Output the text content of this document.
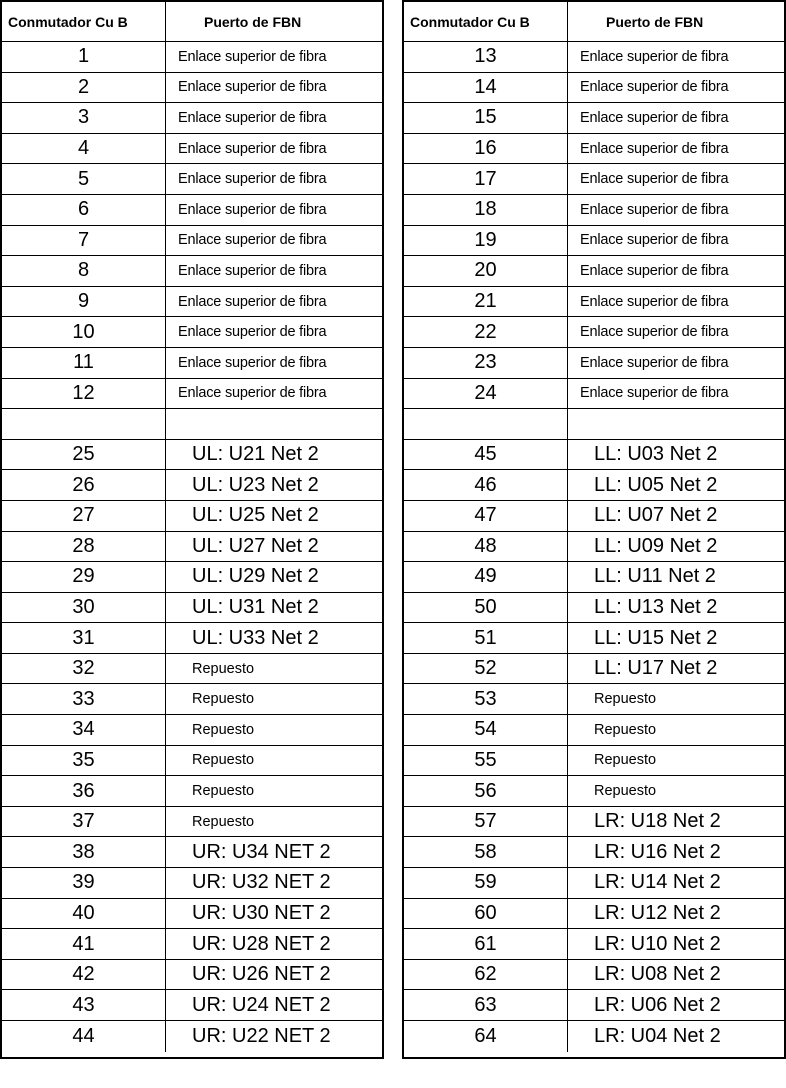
Conmutador Cu B	Puerto de FBN
1	Enlace superior de fibra
2	Enlace superior de fibra
3	Enlace superior de fibra
4	Enlace superior de fibra
5	Enlace superior de fibra
6	Enlace superior de fibra
7	Enlace superior de fibra
8	Enlace superior de fibra
9	Enlace superior de fibra
10	Enlace superior de fibra
11	Enlace superior de fibra
12	Enlace superior de fibra
25	UL: U21 Net 2
26	UL: U23 Net 2
27	UL: U25 Net 2
28	UL: U27 Net 2
29	UL: U29 Net 2
30	UL: U31 Net 2
31	UL: U33 Net 2
32	Repuesto
33	Repuesto
34	Repuesto
35	Repuesto
36	Repuesto
37	Repuesto
38	UR: U34 NET 2
39	UR: U32 NET 2
40	UR: U30 NET 2
41	UR: U28 NET 2
42	UR: U26 NET 2
43	UR: U24 NET 2
44	UR: U22 NET 2
Conmutador Cu B	Puerto de FBN
13	Enlace superior de fibra
14	Enlace superior de fibra
15	Enlace superior de fibra
16	Enlace superior de fibra
17	Enlace superior de fibra
18	Enlace superior de fibra
19	Enlace superior de fibra
20	Enlace superior de fibra
21	Enlace superior de fibra
22	Enlace superior de fibra
23	Enlace superior de fibra
24	Enlace superior de fibra
45	LL: U03 Net 2
46	LL: U05 Net 2
47	LL: U07 Net 2
48	LL: U09 Net 2
49	LL: U11 Net 2
50	LL: U13 Net 2
51	LL: U15 Net 2
52	LL: U17 Net 2
53	Repuesto
54	Repuesto
55	Repuesto
56	Repuesto
57	LR: U18 Net 2
58	LR: U16 Net 2
59	LR: U14 Net 2
60	LR: U12 Net 2
61	LR: U10 Net 2
62	LR: U08 Net 2
63	LR: U06 Net 2
64	LR: U04 Net 2
